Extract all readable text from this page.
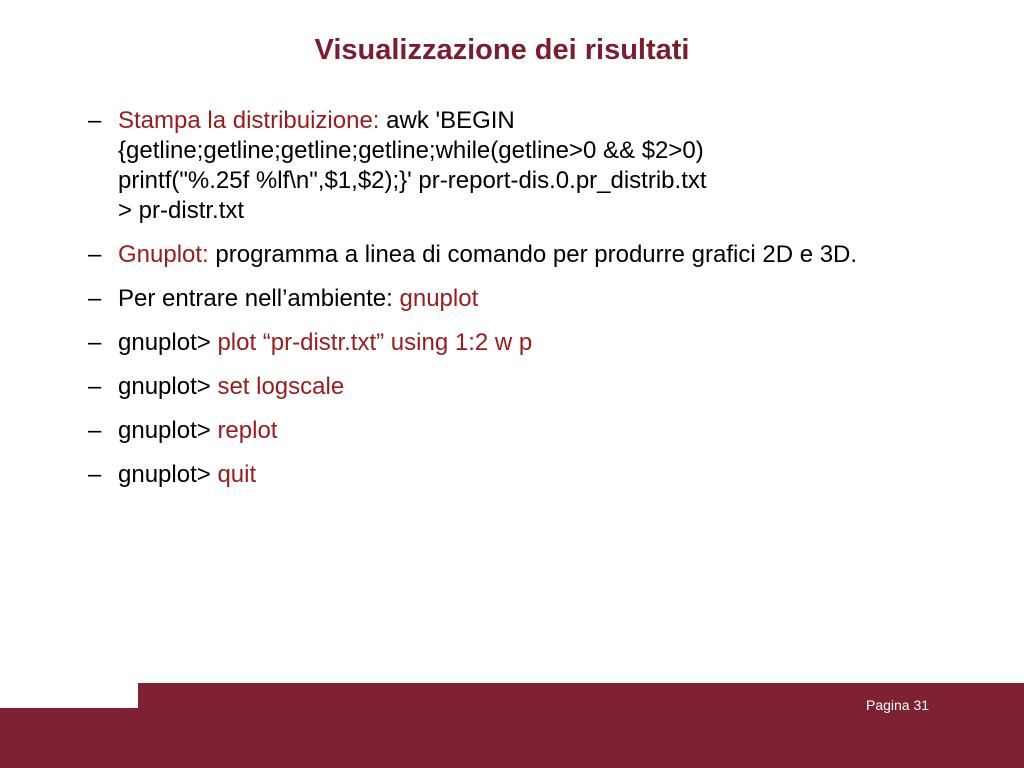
Visualizzazione dei risultati
– Stampa la distribuizione: awk 'BEGIN
{getline;getline;getline;getline;while(getline>0 && $2>0)
printf("%.25f %lf\n",$1,$2);}' pr-report-dis.0.pr_distrib.txt
> pr-distr.txt
– Gnuplot: programma a linea di comando per produrre grafici 2D e 3D.
– Per entrare nell’ambiente: gnuplot
– gnuplot> plot “pr-distr.txt” using 1:2 w p
– gnuplot> set logscale
– gnuplot> replot
– gnuplot> quit
Pagina 31
